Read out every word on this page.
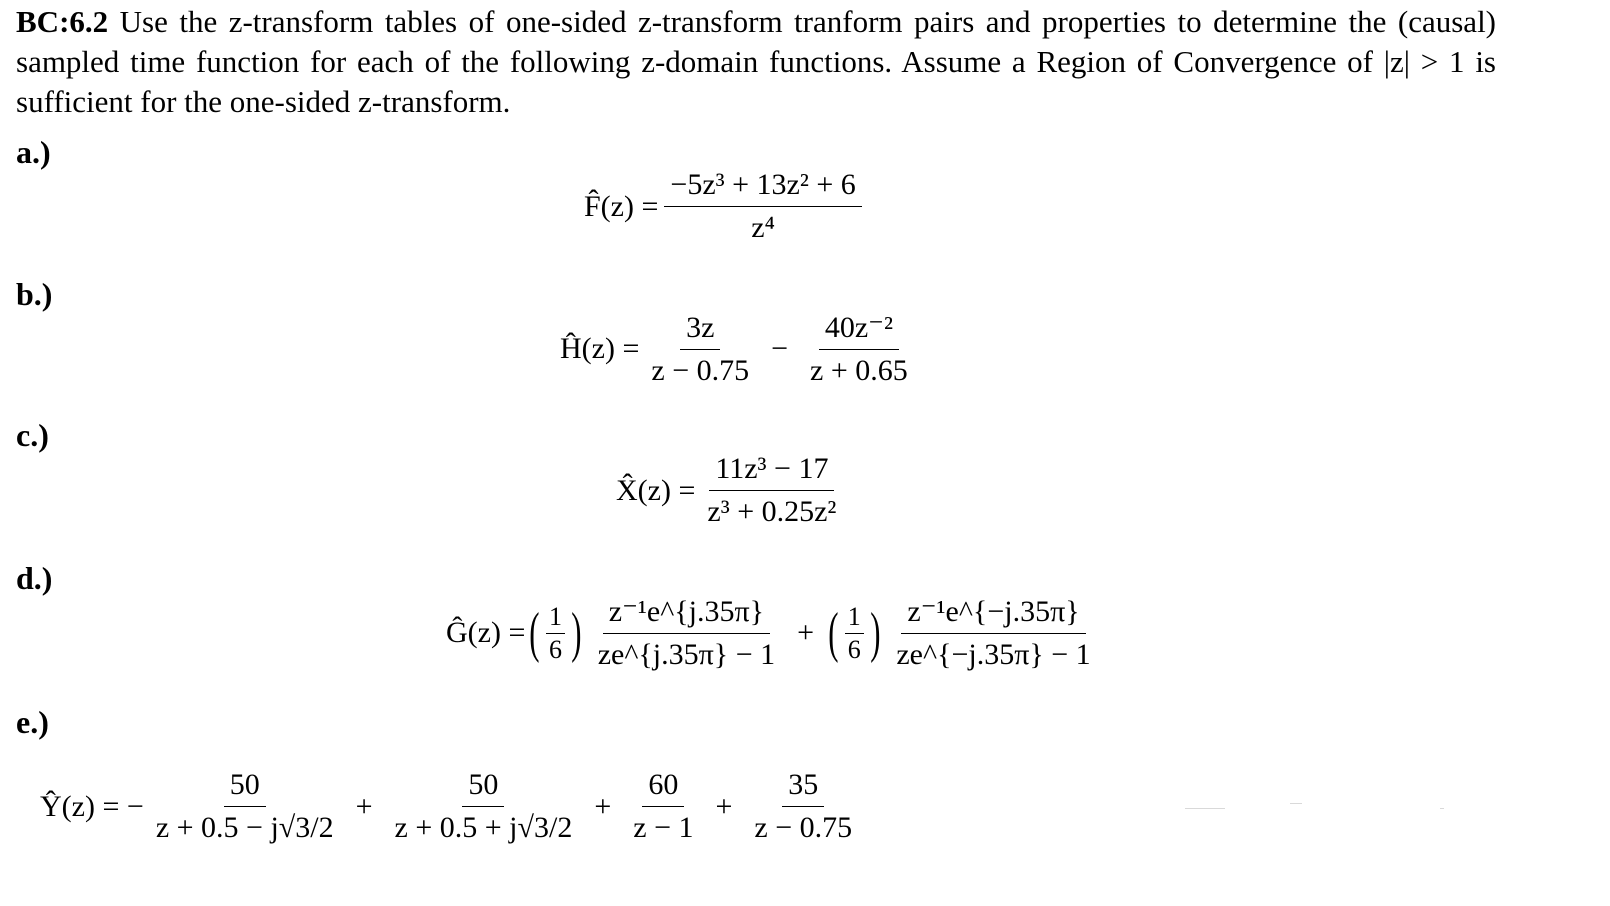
BC:6.2 Use the z-transform tables of one-sided z-transform tranform pairs and properties to determine the (causal) sampled time function for each of the following z-domain functions. Assume a Region of Convergence of |z| > 1 is sufficient for the one-sided z-transform.
a.)
F̂(z) = $\frac{\text{−5z³ + 13z² + 6}}{\text{z⁴}}$
b.)
Ĥ(z) = $\frac{3z}{z - 0.75} - \frac{\text{40z⁻²}}{z + 0.65}$
c.)
X̂(z) = $\frac{\text{11z³ − 17}}{\text{z³ + 0.25z²}}$
d.)
Ĝ(z) = ( $\frac{1}{6}$ ) $\frac{\text{z⁻¹e\textasciicircum{}\{j.35π\}}}{ze\^{}\{j.35\pi\} - 1}$ + ( $\frac{1}{6}$ ) $\frac{\text{z⁻¹e\textasciicircum{}\{−j.35π\}}}{ze\^{}\{-j.35\pi\} - 1}$
e.)
Ŷ(z) = − $\frac{50}{z + 0.5 - j√3/2} + \frac{50}{z + 0.5 + j√3/2} + \frac{60}{z - 1} + \frac{35}{z - 0.75}$
